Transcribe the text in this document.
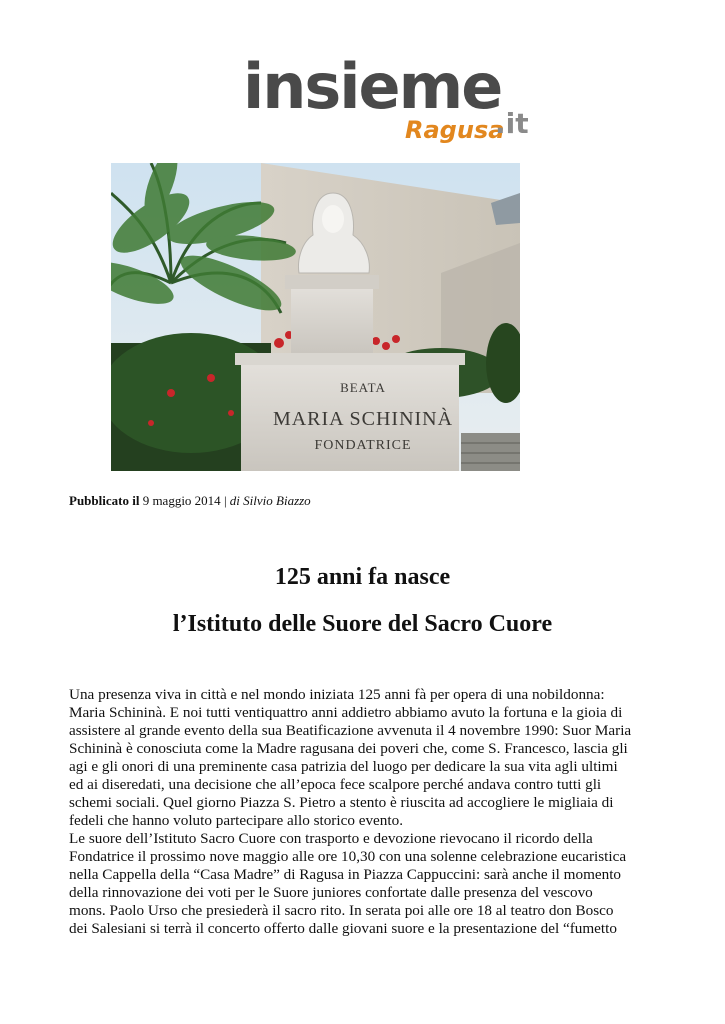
insieme
Ragusa
.it
BEATA
MARIA SCHININÀ
FONDATRICE
Pubblicato il 9 maggio 2014 | di Silvio Biazzo
125 anni fa nasce
l’Istituto delle Suore del Sacro Cuore
Una presenza viva in città e nel mondo iniziata 125 anni fà per opera di una nobildonna:
Maria Schininà. E noi tutti ventiquattro anni addietro abbiamo avuto la fortuna e la gioia di
assistere al grande evento della sua Beatificazione avvenuta il 4 novembre 1990: Suor Maria
Schininà è conosciuta come la Madre ragusana dei poveri che, come S. Francesco, lascia gli
agi e gli onori di una preminente casa patrizia del luogo per dedicare la sua vita agli ultimi
ed ai diseredati, una decisione che all’epoca fece scalpore perché andava contro tutti gli
schemi sociali. Quel giorno Piazza S. Pietro a stento è riuscita ad accogliere le migliaia di
fedeli che hanno voluto partecipare allo storico evento.
Le suore dell’Istituto Sacro Cuore con trasporto e devozione rievocano il ricordo della
Fondatrice il prossimo nove maggio alle ore 10,30 con una solenne celebrazione eucaristica
nella Cappella della “Casa Madre” di Ragusa in Piazza Cappuccini: sarà anche il momento
della rinnovazione dei voti per le Suore juniores confortate dalle presenza del vescovo
mons. Paolo Urso che presiederà il sacro rito. In serata poi alle ore 18 al teatro don Bosco
dei Salesiani si terrà il concerto offerto dalle giovani suore e la presentazione del “fumetto
